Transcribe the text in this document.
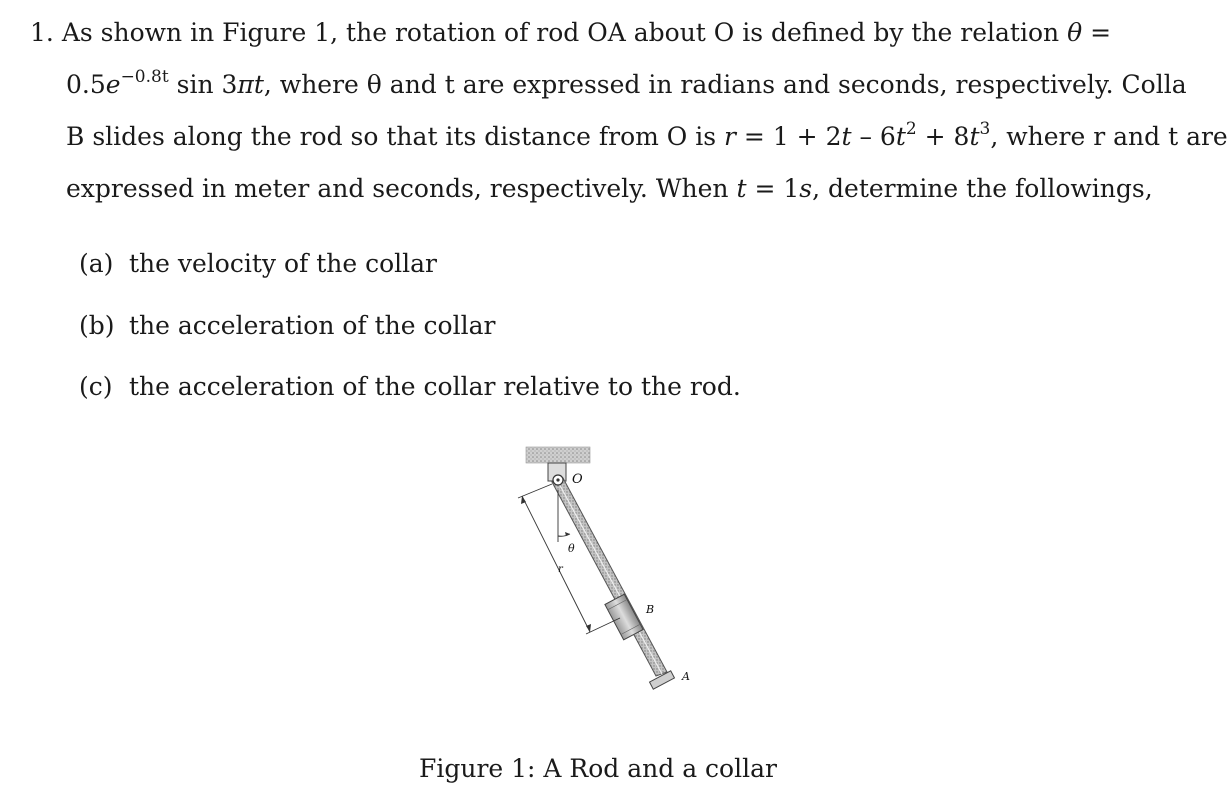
1. As shown in Figure 1, the rotation of rod OA about O is defined by the relation θ =
$0.5e^{-0.8t}$ sin 3πt, where θ and t are expressed in radians and seconds, respectively. Colla
B slides along the rod so that its distance from O is $r = 1 + 2t - 6t^2 + 8t^3$, where r and t are
expressed in meter and seconds, respectively. When t = 1s, determine the followings,
(a) the velocity of the collar
(b) the acceleration of the collar
(c) the acceleration of the collar relative to the rod.
O
θ
r
B
A
Figure 1: A Rod and a collar
